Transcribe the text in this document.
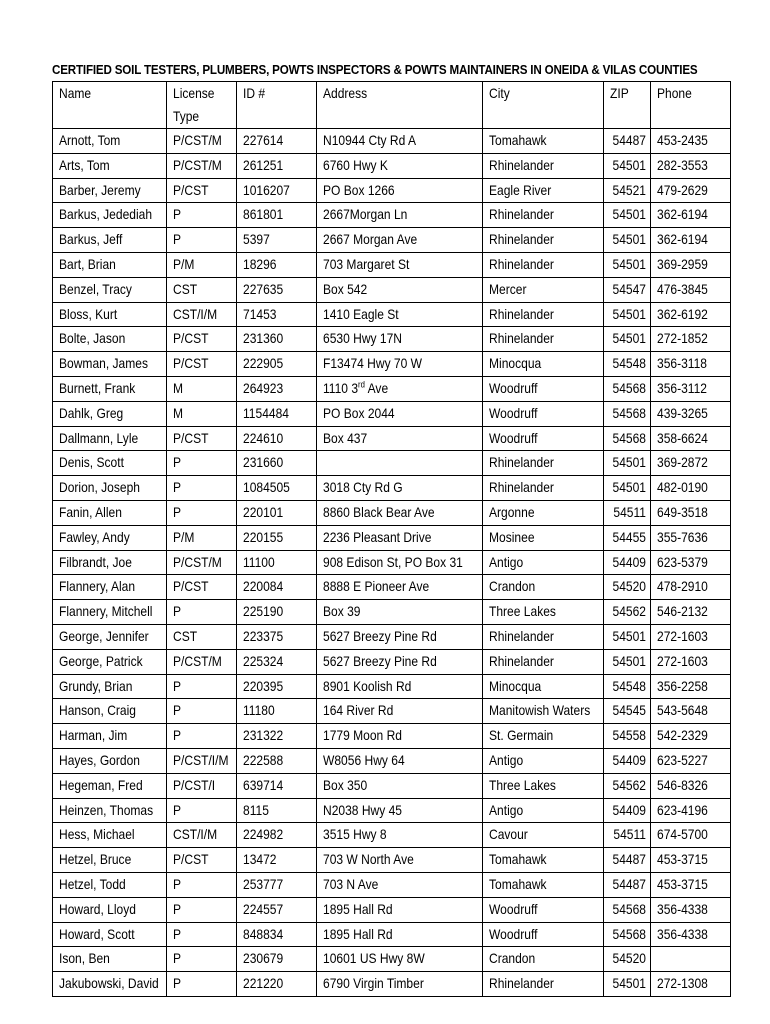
CERTIFIED SOIL TESTERS, PLUMBERS, POWTS INSPECTORS & POWTS MAINTAINERS IN ONEIDA & VILAS COUNTIES
Name	License Type	ID #	Address	City	ZIP	Phone

Arnott, Tom	P/CST/M	227614	N10944 Cty Rd A	Tomahawk	54487	453-2435

Arts, Tom	P/CST/M	261251	6760 Hwy K	Rhinelander	54501	282-3553

Barber, Jeremy	P/CST	1016207	PO Box 1266	Eagle River	54521	479-2629

Barkus, Jedediah	P	861801	2667Morgan Ln	Rhinelander	54501	362-6194

Barkus, Jeff	P	5397	2667 Morgan Ave	Rhinelander	54501	362-6194

Bart, Brian	P/M	18296	703 Margaret St	Rhinelander	54501	369-2959

Benzel, Tracy	CST	227635	Box 542	Mercer	54547	476-3845

Bloss, Kurt	CST/I/M	71453	1410 Eagle St	Rhinelander	54501	362-6192

Bolte, Jason	P/CST	231360	6530 Hwy 17N	Rhinelander	54501	272-1852

Bowman, James	P/CST	222905	F13474 Hwy 70 W	Minocqua	54548	356-3118

Burnett, Frank	M	264923	1110 3rd Ave	Woodruff	54568	356-3112

Dahlk, Greg	M	1154484	PO Box 2044	Woodruff	54568	439-3265

Dallmann, Lyle	P/CST	224610	Box 437	Woodruff	54568	358-6624

Denis, Scott	P	231660		Rhinelander	54501	369-2872

Dorion, Joseph	P	1084505	3018 Cty Rd G	Rhinelander	54501	482-0190

Fanin, Allen	P	220101	8860 Black Bear Ave	Argonne	54511	649-3518

Fawley, Andy	P/M	220155	2236 Pleasant Drive	Mosinee	54455	355-7636

Filbrandt, Joe	P/CST/M	11100	908 Edison St, PO Box 31	Antigo	54409	623-5379

Flannery, Alan	P/CST	220084	8888 E Pioneer Ave	Crandon	54520	478-2910

Flannery, Mitchell	P	225190	Box 39	Three Lakes	54562	546-2132

George, Jennifer	CST	223375	5627 Breezy Pine Rd	Rhinelander	54501	272-1603

George, Patrick	P/CST/M	225324	5627 Breezy Pine Rd	Rhinelander	54501	272-1603

Grundy, Brian	P	220395	8901 Koolish Rd	Minocqua	54548	356-2258

Hanson, Craig	P	11180	164 River Rd	Manitowish Waters	54545	543-5648

Harman, Jim	P	231322	1779 Moon Rd	St. Germain	54558	542-2329

Hayes, Gordon	P/CST/I/M	222588	W8056 Hwy 64	Antigo	54409	623-5227

Hegeman, Fred	P/CST/I	639714	Box 350	Three Lakes	54562	546-8326

Heinzen, Thomas	P	8115	N2038 Hwy 45	Antigo	54409	623-4196

Hess, Michael	CST/I/M	224982	3515 Hwy 8	Cavour	54511	674-5700

Hetzel, Bruce	P/CST	13472	703 W North Ave	Tomahawk	54487	453-3715

Hetzel, Todd	P	253777	703 N Ave	Tomahawk	54487	453-3715

Howard, Lloyd	P	224557	1895 Hall Rd	Woodruff	54568	356-4338

Howard, Scott	P	848834	1895 Hall Rd	Woodruff	54568	356-4338

Ison, Ben	P	230679	10601 US Hwy 8W	Crandon	54520	

Jakubowski, David	P	221220	6790 Virgin Timber	Rhinelander	54501	272-1308
